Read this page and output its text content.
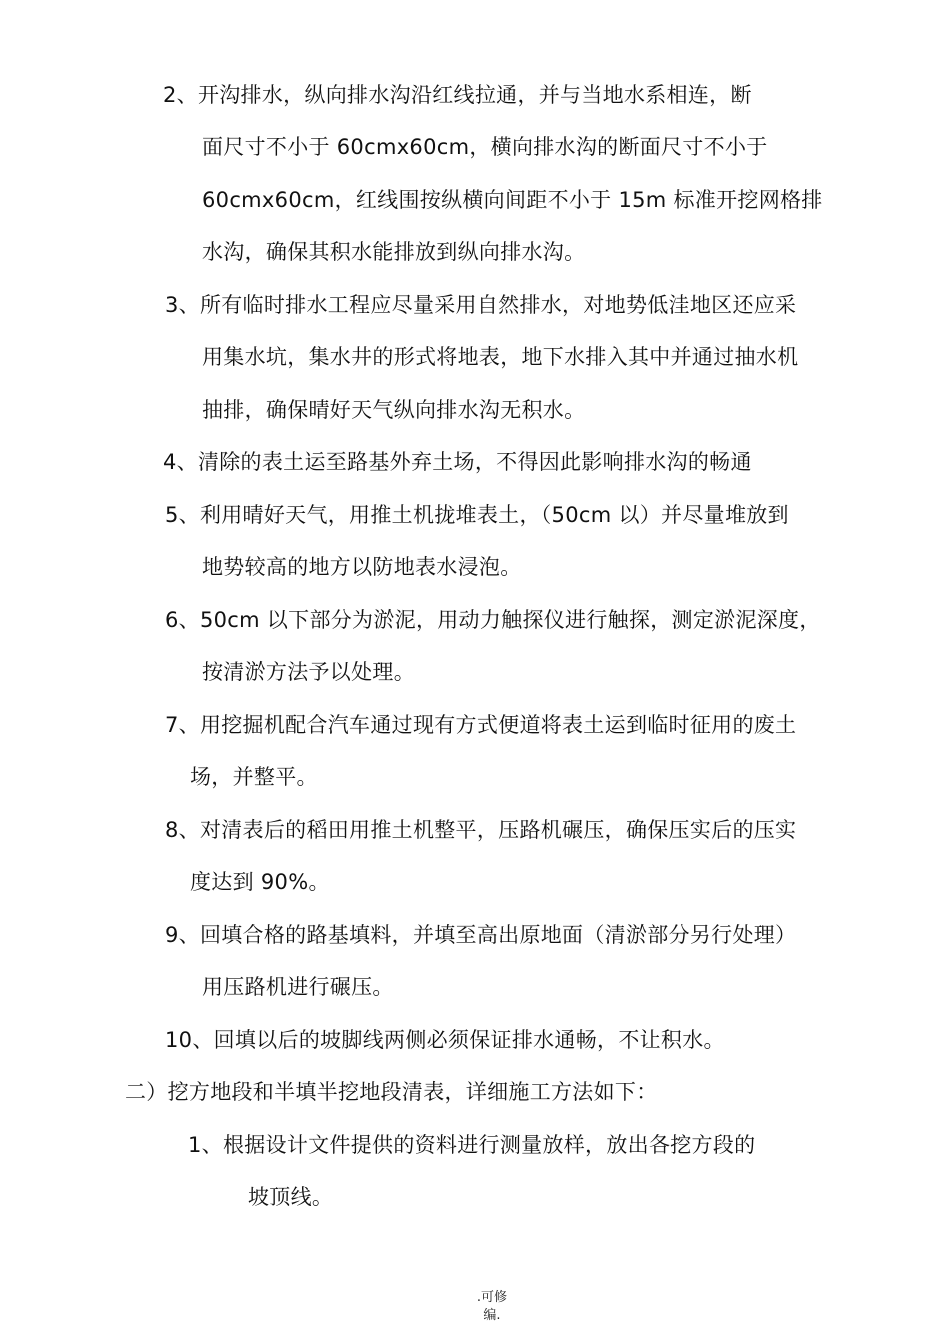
2、开沟排水，纵向排水沟沿红线拉通，并与当地水系相连，断
面尺寸不小于 60cmx60cm，横向排水沟的断面尺寸不小于
60cmx60cm，红线围按纵横向间距不小于 15m 标准开挖网格排
水沟，确保其积水能排放到纵向排水沟。
3、所有临时排水工程应尽量采用自然排水，对地势低洼地区还应采
用集水坑，集水井的形式将地表，地下水排入其中并通过抽水机
抽排，确保晴好天气纵向排水沟无积水。
4、清除的表土运至路基外弃土场，不得因此影响排水沟的畅通
5、利用晴好天气，用推土机拢堆表土，（50cm 以）并尽量堆放到
地势较高的地方以防地表水浸泡。
6、50cm 以下部分为淤泥，用动力触探仪进行触探，测定淤泥深度，
按清淤方法予以处理。
7、用挖掘机配合汽车通过现有方式便道将表土运到临时征用的废土
场，并整平。
8、对清表后的稻田用推土机整平，压路机碾压，确保压实后的压实
度达到 90%。
9、回填合格的路基填料，并填至高出原地面（清淤部分另行处理）
用压路机进行碾压。
10、回填以后的坡脚线两侧必须保证排水通畅，不让积水。
二）挖方地段和半填半挖地段清表，详细施工方法如下：
1、根据设计文件提供的资料进行测量放样，放出各挖方段的
坡顶线。
.可修
编.
